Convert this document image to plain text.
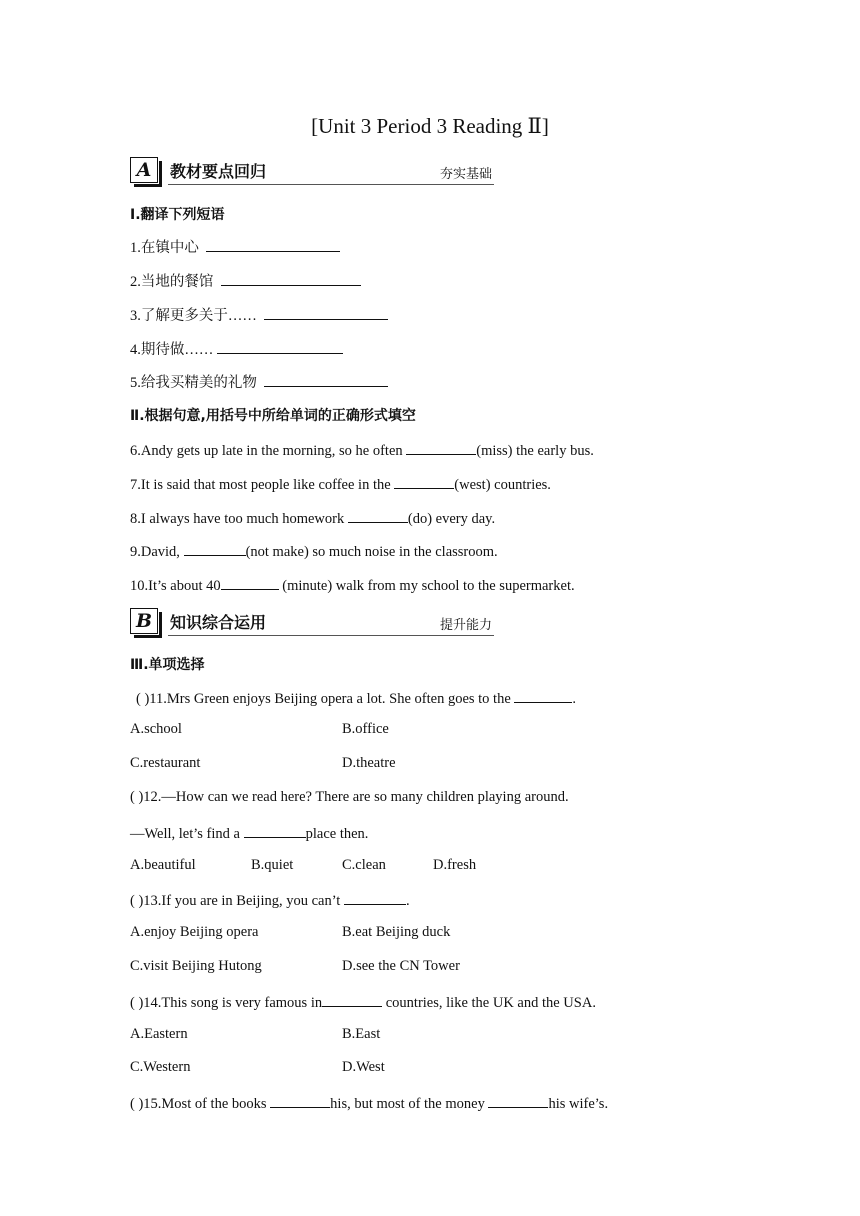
[Unit 3 Period 3 Reading Ⅱ]
A	教材要点回归	夯实基础
Ⅰ.翻译下列短语
1.在镇中心
2.当地的餐馆
3.了解更多关于……
4.期待做……
5.给我买精美的礼物
Ⅱ.根据句意,用括号中所给单词的正确形式填空
6.Andy gets up late in the morning, so he often	(miss) the early bus.
7.It is said that most people like coffee in the	(west) countries.
8.I always have too much homework	(do) every day.
9.David,	(not make) so much noise in the classroom.
10.It’s about 40	(minute) walk from my school to the supermarket.
B	知识综合运用	提升能力
Ⅲ.单项选择
( )11.Mrs Green enjoys Beijing opera a lot. She often goes to the	.
A.school	B.office
C.restaurant	D.theatre
( )12.—How can we read here? There are so many children playing around.
—Well, let’s find a	place then.
A.beautiful	B.quiet	C.clean	D.fresh
( )13.If you are in Beijing, you can’t	.
A.enjoy Beijing opera	B.eat Beijing duck
C.visit Beijing Hutong	D.see the CN Tower
( )14.This song is very famous in	countries, like the UK and the USA.
A.Eastern	B.East
C.Western	D.West
( )15.Most of the books	his, but most of the money	his wife’s.
